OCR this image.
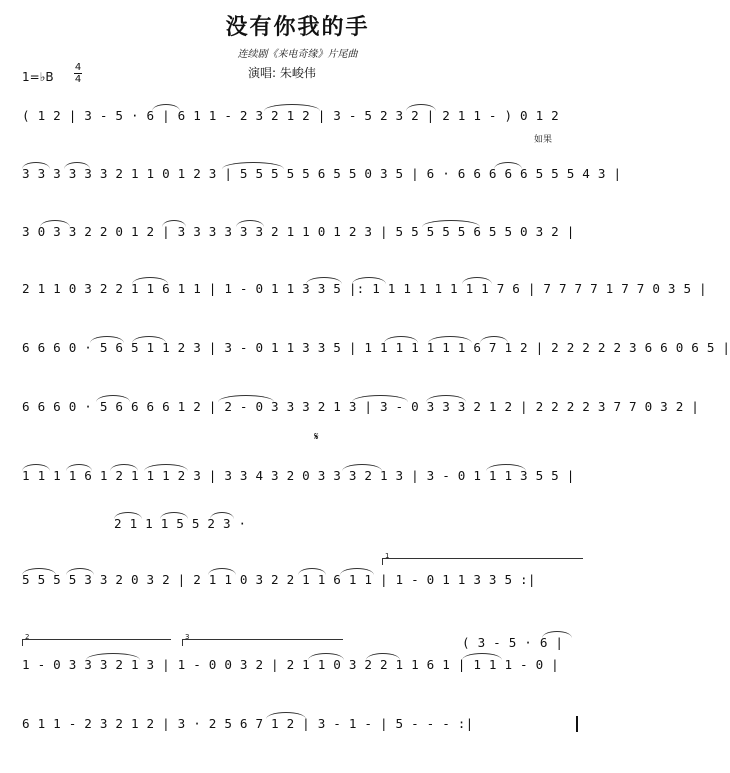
没有你我的手
连续剧《来电奇缘》片尾曲
演唱: 朱峻伟
1=♭B
4
4
( 1 2 | 3 - 5 · 6 | 6 1 1 - 2 3 2 1 2 | 3 - 5 2 3 2 | 2 1 1 - ) 0 1 2
如果
3 3 3 3 3 3 2 1 1 0 1 2 3 | 5 5 5 5 5 6 5 5 0 3 5 | 6 · 6 6 6 6 6 5 5 5 4 3 |
3 0 3 3 2 2 0 1 2 | 3 3 3 3 3 3 2 1 1 0 1 2 3 | 5 5 5 5 5 6 5 5 0 3 2 |
2 1 1 0 3 2 2 1 1 6 1 1 | 1 - 0 1 1 3 3 5 |: 1 1 1 1 1 1 1 1 7 6 | 7 7 7 7 1 7 7 0 3 5 |
6 6 6 0 · 5 6 5 1 1 2 3 | 3 - 0 1 1 3 3 5 | 1 1 1 1 1 1 1 6 7 1 2 | 2 2 2 2 2 3 6 6 0 6 5 |
6 6 6 0 · 5 6 6 6 6 1 2 | 2 - 0 3 3 3 2 1 3 | 3 - 0 3 3 3 2 1 2 | 2 2 2 2 3 7 7 0 3 2 |
𝄋
1 1 1 1 6 1 2 1 1 1 2 3 | 3 3 4 3 2 0 3 3 3 2 1 3 | 3 - 0 1 1 1 3 5 5 |
2 1 1 1 5 5 2 3 ·
1
5 5 5 5 3 3 2 0 3 2 | 2 1 1 0 3 2 2 1 1 6 1 1 | 1 - 0 1 1 3 3 5 :|
2	3	( 3 - 5 · 6 |
1 - 0 3 3 3 2 1 3 | 1 - 0 0 3 2 | 2 1 1 0 3 2 2 1 1 6 1 | 1 1 1 - 0 |
6 1 1 - 2 3 2 1 2 | 3 · 2 5 6 7 1 2 | 3 - 1 - | 5 - - - :|
